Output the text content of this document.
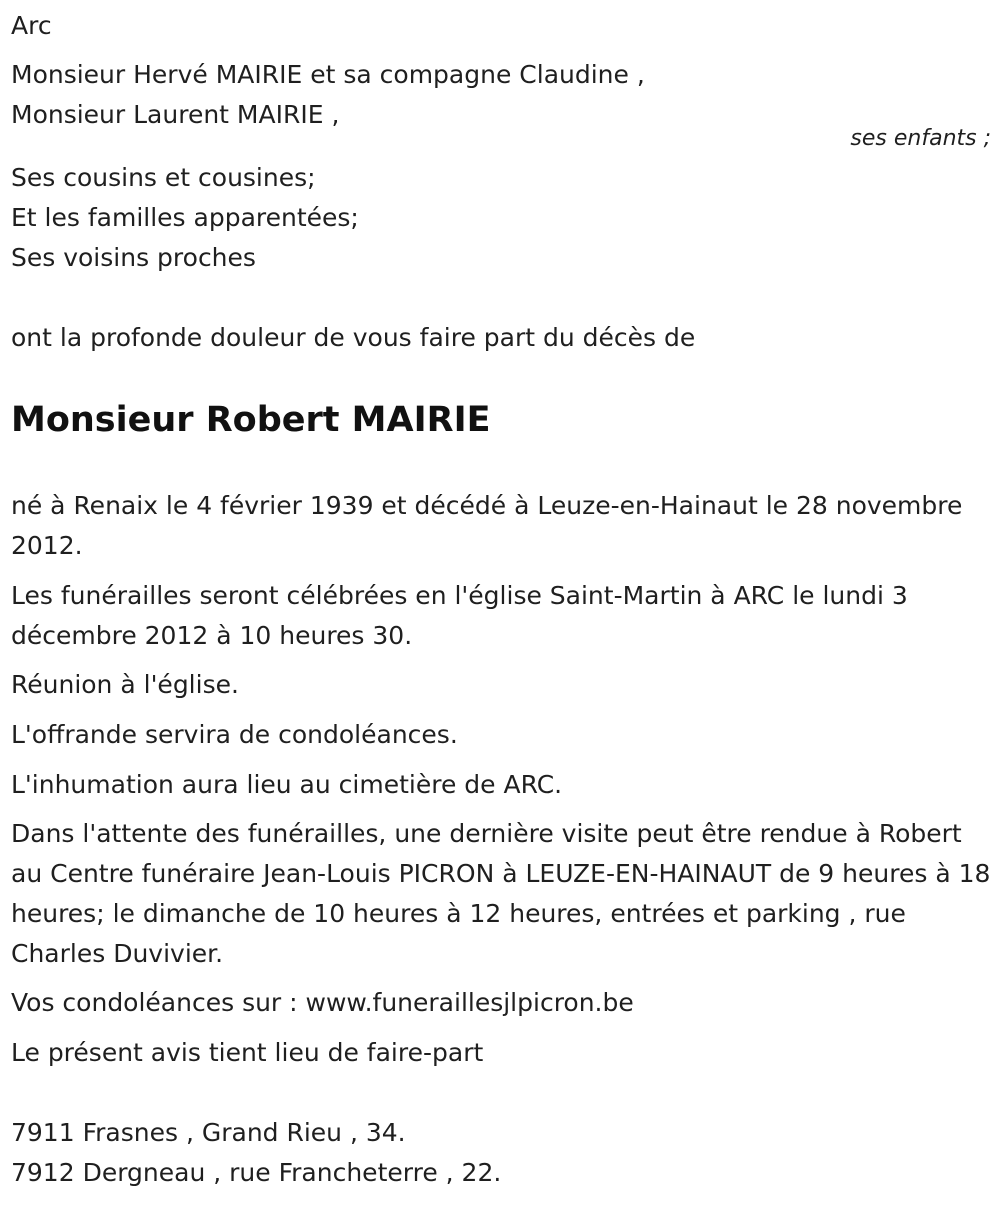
Arc
Monsieur Hervé MAIRIE et sa compagne Claudine ,
Monsieur Laurent MAIRIE ,
ses enfants ;
Ses cousins et cousines;
Et les familles apparentées;
Ses voisins proches
ont la profonde douleur de vous faire part du décès de
Monsieur Robert MAIRIE
né à Renaix le 4 février 1939 et décédé à Leuze-en-Hainaut le 28 novembre 2012.
Les funérailles seront célébrées en l'église Saint-Martin à ARC le lundi 3 décembre 2012 à 10 heures 30.
Réunion à l'église.
L'offrande servira de condoléances.
L'inhumation aura lieu au cimetière de ARC.
Dans l'attente des funérailles, une dernière visite peut être rendue à Robert au Centre funéraire Jean-Louis PICRON à LEUZE-EN-HAINAUT de 9 heures à 18 heures; le dimanche de 10 heures à 12 heures, entrées et parking , rue Charles Duvivier.
Vos condoléances sur : www.funeraillesjlpicron.be
Le présent avis tient lieu de faire-part
7911 Frasnes , Grand Rieu , 34.
7912 Dergneau , rue Francheterre , 22.
